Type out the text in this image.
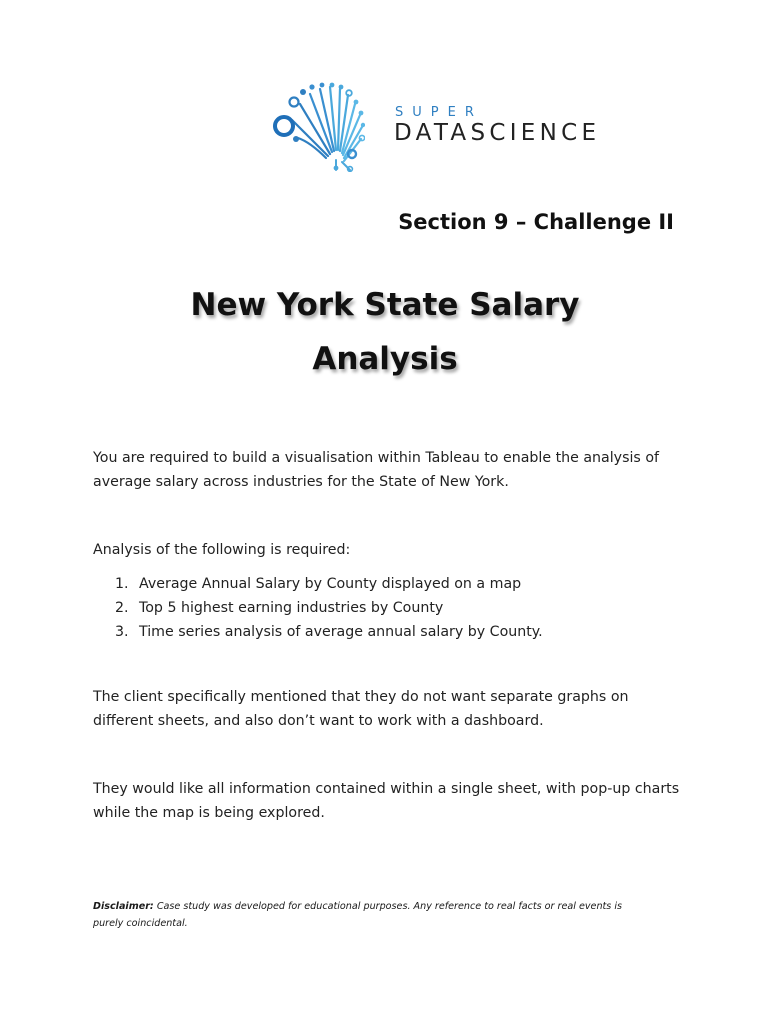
SUPER
DATASCIENCE
Section 9 – Challenge II
New York State Salary
Analysis

You are required to build a visualisation within Tableau to enable the analysis of average salary across industries for the State of New York.

Analysis of the following is required:

1. Average Annual Salary by County displayed on a map
2. Top 5 highest earning industries by County
3. Time series analysis of average annual salary by County.

The client specifically mentioned that they do not want separate graphs on different sheets, and also don’t want to work with a dashboard.

They would like all information contained within a single sheet, with pop-up charts while the map is being explored.

Disclaimer: Case study was developed for educational purposes. Any reference to real facts or real events is purely coincidental.
